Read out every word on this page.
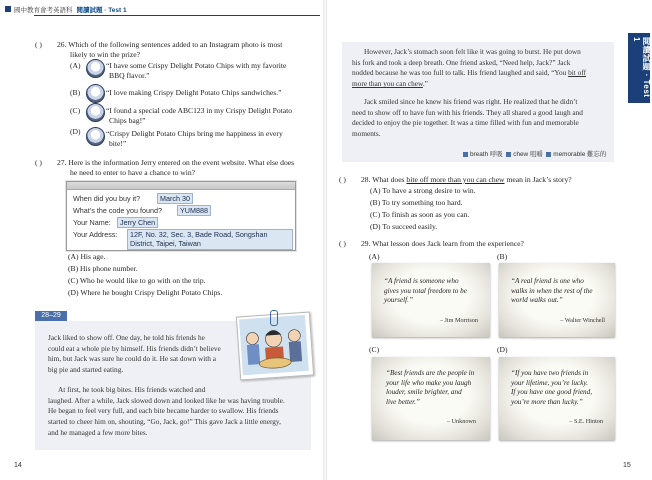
國中教育會考英語科 閱讀試題 · Test 1
( ) 26. Which of the following sentences added to an Instagram photo is most
likely to win the prize?
(A)	“I have some Crispy Delight Potato Chips with my favorite
BBQ flavor.”
(B)	“I love making Crispy Delight Potato Chips sandwiches.”
(C)	“I found a special code ABC123 in my Crispy Delight Potato
Chips bag!”
(D)	“Crispy Delight Potato Chips bring me happiness in every
bite!”
( ) 27. Here is the information Jerry entered on the event website. What else does
he need to enter to have a chance to win?
When did you buy it?	March 30
What’s the code you found?	YUM888
Your Name:	Jerry Chen
Your Address: 12F, No. 32, Sec. 3, Bade Road, Songshan
District, Taipei, Taiwan
(A) His age.
(B) His phone number.
(C) Who he would like to go with on the trip.
(D) Where he bought Crispy Delight Potato Chips.
28–29
Jack liked to show off. One day, he told his friends he
could eat a whole pie by himself. His friends didn’t believe
him, but Jack was sure he could do it. He sat down with a
big pie and started eating.
At first, he took big bites. His friends watched and
laughed. After a while, Jack slowed down and looked like he was having trouble.
He began to feel very full, and each bite became harder to swallow. His friends
started to cheer him on, shouting, “Go, Jack, go!” This gave Jack a little energy,
and he managed a few more bites.
14
閱讀試題 · Test 1
However, Jack’s stomach soon felt like it was going to burst. He put down
his fork and took a deep breath. One friend asked, “Need help, Jack?” Jack
nodded because he was too full to talk. His friend laughed and said, “You bit off
more than you can chew.”
Jack smiled since he knew his friend was right. He realized that he didn’t
need to show off to have fun with his friends. They all shared a good laugh and
decided to enjoy the pie together. It was a time filled with fun and memorable
moments.
breath 呼吸 chew 咀嚼 memorable 難忘的
( ) 28. What does bite off more than you can chew mean in Jack’s story?
(A) To have a strong desire to win.
(B) To try something too hard.
(C) To finish as soon as you can.
(D) To succeed easily.
( ) 29. What lesson does Jack learn from the experience?
(A)
“A friend is someone who
gives you total freedom to be
yourself.”
– Jim Morrison
(B)
“A real friend is one who
walks in when the rest of the
world walks out.”
– Walter Winchell
(C)
“Best friends are the people in
your life who make you laugh
louder, smile brighter, and
live better.”
– Unknown
(D)
“If you have two friends in
your lifetime, you’re lucky.
If you have one good friend,
you’re more than lucky.”
– S.E. Hinton
15
